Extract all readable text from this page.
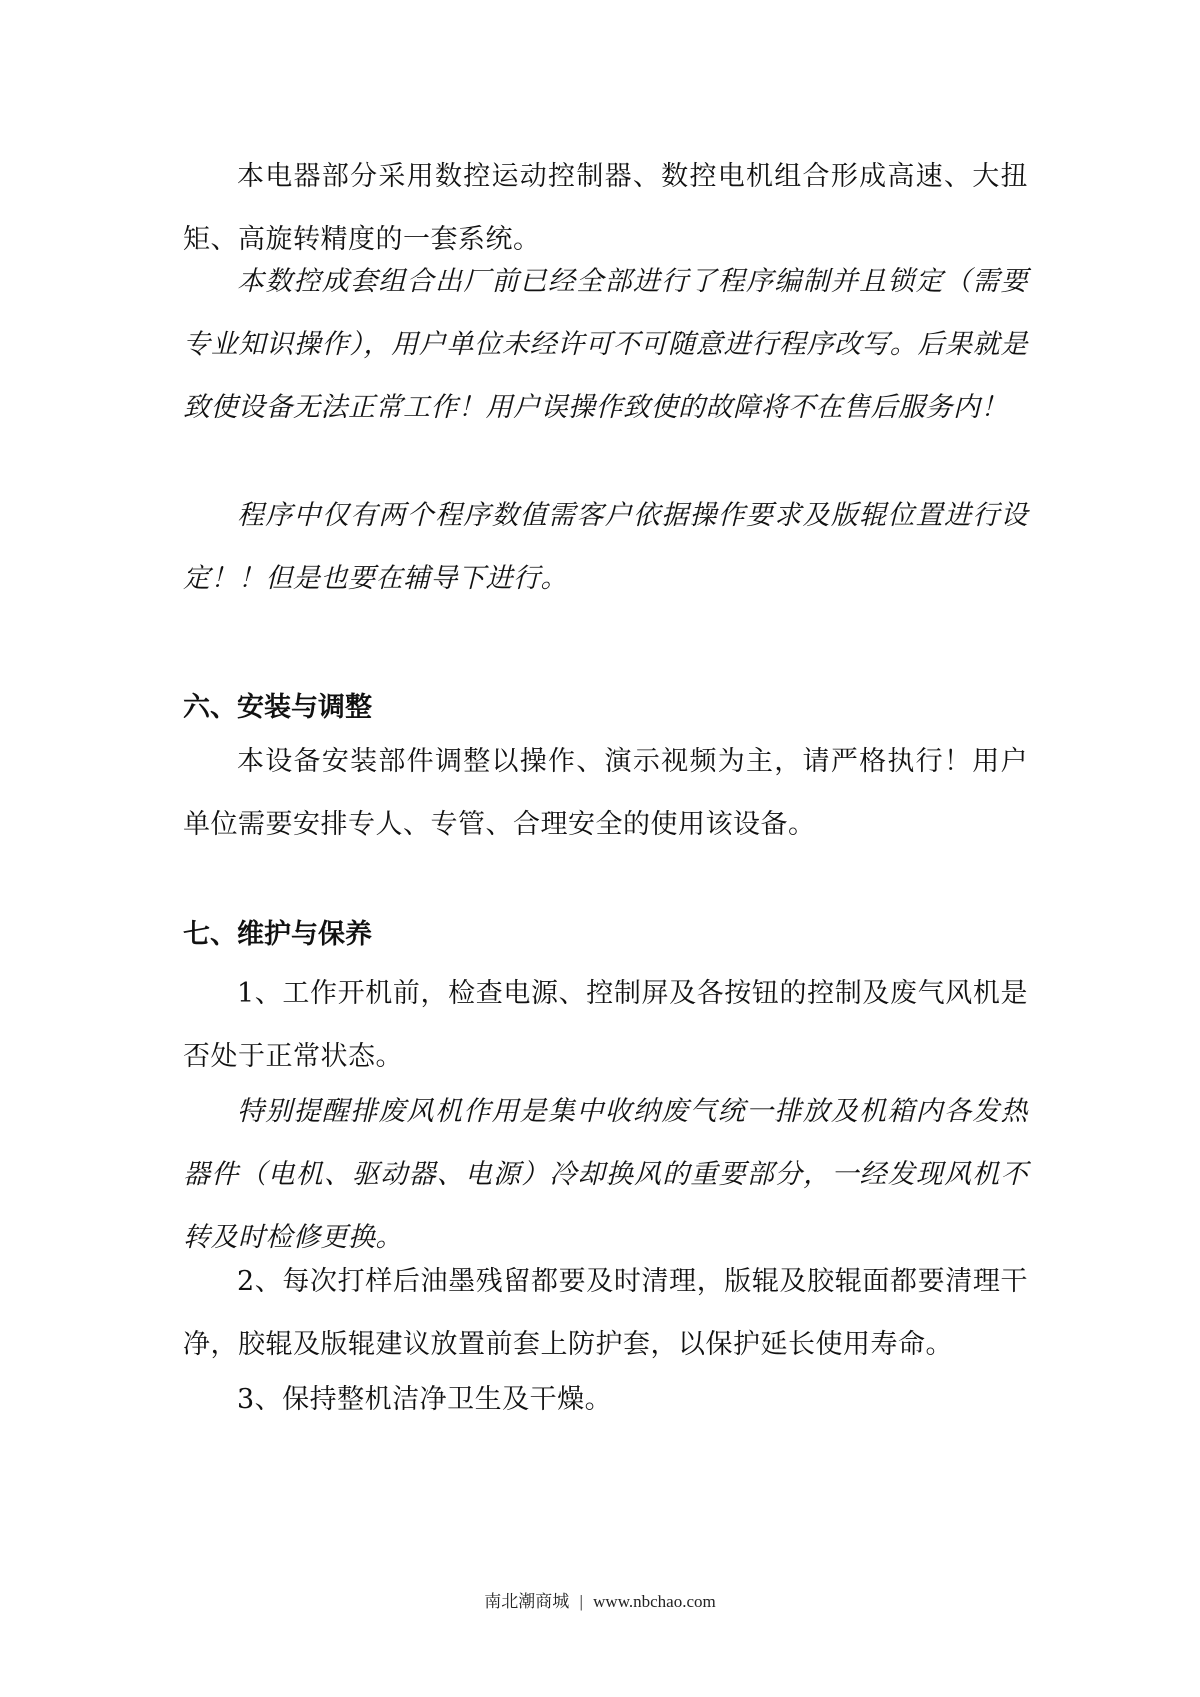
本电器部分采用数控运动控制器、数控电机组合形成高速、大扭矩、高旋转精度的一套系统。

本数控成套组合出厂前已经全部进行了程序编制并且锁定（需要专业知识操作），用户单位未经许可不可随意进行程序改写。后果就是致使设备无法正常工作！用户误操作致使的故障将不在售后服务内！

程序中仅有两个程序数值需客户依据操作要求及版辊位置进行设定！！但是也要在辅导下进行。

六、安装与调整

本设备安装部件调整以操作、演示视频为主，请严格执行！用户单位需要安排专人、专管、合理安全的使用该设备。

七、维护与保养

1、工作开机前，检查电源、控制屏及各按钮的控制及废气风机是否处于正常状态。

特别提醒排废风机作用是集中收纳废气统一排放及机箱内各发热器件（电机、驱动器、电源）冷却换风的重要部分，一经发现风机不转及时检修更换。

2、每次打样后油墨残留都要及时清理，版辊及胶辊面都要清理干净，胶辊及版辊建议放置前套上防护套，以保护延长使用寿命。

3、保持整机洁净卫生及干燥。

南北潮商城 | www.nbchao.com
